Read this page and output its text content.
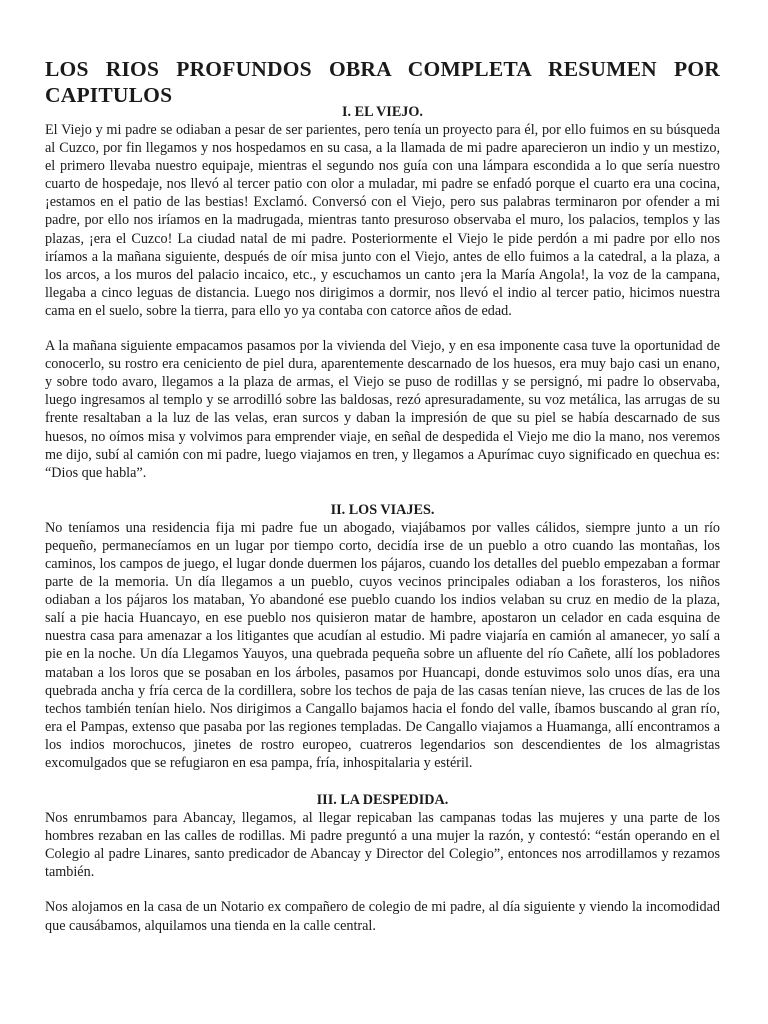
LOS RIOS PROFUNDOS OBRA COMPLETA RESUMEN POR CAPITULOS
I. EL VIEJO.

El Viejo y mi padre se odiaban a pesar de ser parientes, pero tenía un proyecto para él, por ello fuimos en su búsqueda al Cuzco, por fin llegamos y nos hospedamos en su casa, a la llamada de mi padre aparecieron un indio y un mestizo, el primero llevaba nuestro equipaje, mientras el segundo nos guía con una lámpara escondida a lo que sería nuestro cuarto de hospedaje, nos llevó al tercer patio con olor a muladar, mi padre se enfadó porque el cuarto era una cocina, ¡estamos en el patio de las bestias! Exclamó. Conversó con el Viejo, pero sus palabras terminaron por ofender a mi padre, por ello nos iríamos en la madrugada, mientras tanto presuroso observaba el muro, los palacios, templos y las plazas, ¡era el Cuzco! La ciudad natal de mi padre. Posteriormente el Viejo le pide perdón a mi padre por ello nos iríamos a la mañana siguiente, después de oír misa junto con el Viejo, antes de ello fuimos a la catedral, a la plaza, a los arcos, a los muros del palacio incaico, etc., y escuchamos un canto ¡era la María Angola!, la voz de la campana, llegaba a cinco leguas de distancia. Luego nos dirigimos a dormir, nos llevó el indio al tercer patio, hicimos nuestra cama en el suelo, sobre la tierra, para ello yo ya contaba con catorce años de edad.

A la mañana siguiente empacamos pasamos por la vivienda del Viejo, y en esa imponente casa tuve la oportunidad de conocerlo, su rostro era ceniciento de piel dura, aparentemente descarnado de los huesos, era muy bajo casi un enano, y sobre todo avaro, llegamos a la plaza de armas, el Viejo se puso de rodillas y se persignó, mi padre lo observaba, luego ingresamos al templo y se arrodilló sobre las baldosas, rezó apresuradamente, su voz metálica, las arrugas de su frente resaltaban a la luz de las velas, eran surcos y daban la impresión de que su piel se había descarnado de sus huesos, no oímos misa y volvimos para emprender viaje, en señal de despedida el Viejo me dio la mano, nos veremos me dijo, subí al camión con mi padre, luego viajamos en tren, y llegamos a Apurímac cuyo significado en quechua es: “Dios que habla”.

II. LOS VIAJES.

No teníamos una residencia fija mi padre fue un abogado, viajábamos por valles cálidos, siempre junto a un río pequeño, permanecíamos en un lugar por tiempo corto, decidía irse de un pueblo a otro cuando las montañas, los caminos, los campos de juego, el lugar donde duermen los pájaros, cuando los detalles del pueblo empezaban a formar parte de la memoria. Un día llegamos a un pueblo, cuyos vecinos principales odiaban a los forasteros, los niños odiaban a los pájaros los mataban, Yo abandoné ese pueblo cuando los indios velaban su cruz en medio de la plaza, salí a pie hacia Huancayo, en ese pueblo nos quisieron matar de hambre, apostaron un celador en cada esquina de nuestra casa para amenazar a los litigantes que acudían al estudio. Mi padre viajaría en camión al amanecer, yo salí a pie en la noche. Un día Llegamos Yauyos, una quebrada pequeña sobre un afluente del río Cañete, allí los pobladores mataban a los loros que se posaban en los árboles, pasamos por Huancapi, donde estuvimos solo unos días, era una quebrada ancha y fría cerca de la cordillera, sobre los techos de paja de las casas tenían nieve, las cruces de las de los techos también tenían hielo. Nos dirigimos a Cangallo bajamos hacia el fondo del valle, íbamos buscando al gran río, era el Pampas, extenso que pasaba por las regiones templadas. De Cangallo viajamos a Huamanga, allí encontramos a los indios morochucos, jinetes de rostro europeo, cuatreros legendarios son descendientes de los almagristas excomulgados que se refugiaron en esa pampa, fría, inhospitalaria y estéril.

III. LA DESPEDIDA.

Nos enrumbamos para Abancay, llegamos, al llegar repicaban las campanas todas las mujeres y una parte de los hombres rezaban en las calles de rodillas. Mi padre preguntó a una mujer la razón, y contestó: “están operando en el Colegio al padre Linares, santo predicador de Abancay y Director del Colegio”, entonces nos arrodillamos y rezamos también.

Nos alojamos en la casa de un Notario ex compañero de colegio de mi padre, al día siguiente y viendo la incomodidad que causábamos, alquilamos una tienda en la calle central.
